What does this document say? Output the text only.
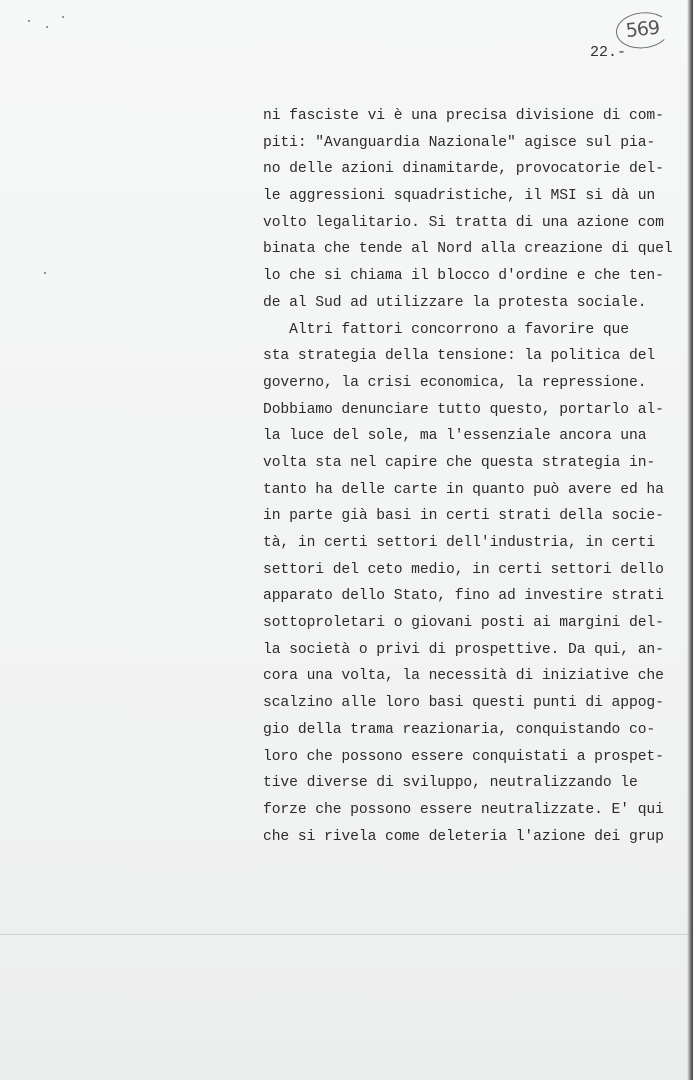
569
22.-
ni fasciste vi è una precisa divisione di com-
piti: "Avanguardia Nazionale" agisce sul pia-
no delle azioni dinamitarde, provocatorie del-
le aggressioni squadristiche, il MSI si dà un
volto legalitario. Si tratta di una azione com
binata che tende al Nord alla creazione di quel
lo che si chiama il blocco d'ordine e che ten-
de al Sud ad utilizzare la protesta sociale.
Altri fattori concorrono a favorire que
sta strategia della tensione: la politica del
governo, la crisi economica, la repressione.
Dobbiamo denunciare tutto questo, portarlo al-
la luce del sole, ma l'essenziale ancora una
volta sta nel capire che questa strategia in-
tanto ha delle carte in quanto può avere ed ha
in parte già basi in certi strati della socie-
tà, in certi settori dell'industria, in certi
settori del ceto medio, in certi settori dello
apparato dello Stato, fino ad investire strati
sottoproletari o giovani posti ai margini del-
la società o privi di prospettive. Da qui, an-
cora una volta, la necessità di iniziative che
scalzino alle loro basi questi punti di appog-
gio della trama reazionaria, conquistando co-
loro che possono essere conquistati a prospet-
tive diverse di sviluppo, neutralizzando le
forze che possono essere neutralizzate. E' qui
che si rivela come deleteria l'azione dei grup
